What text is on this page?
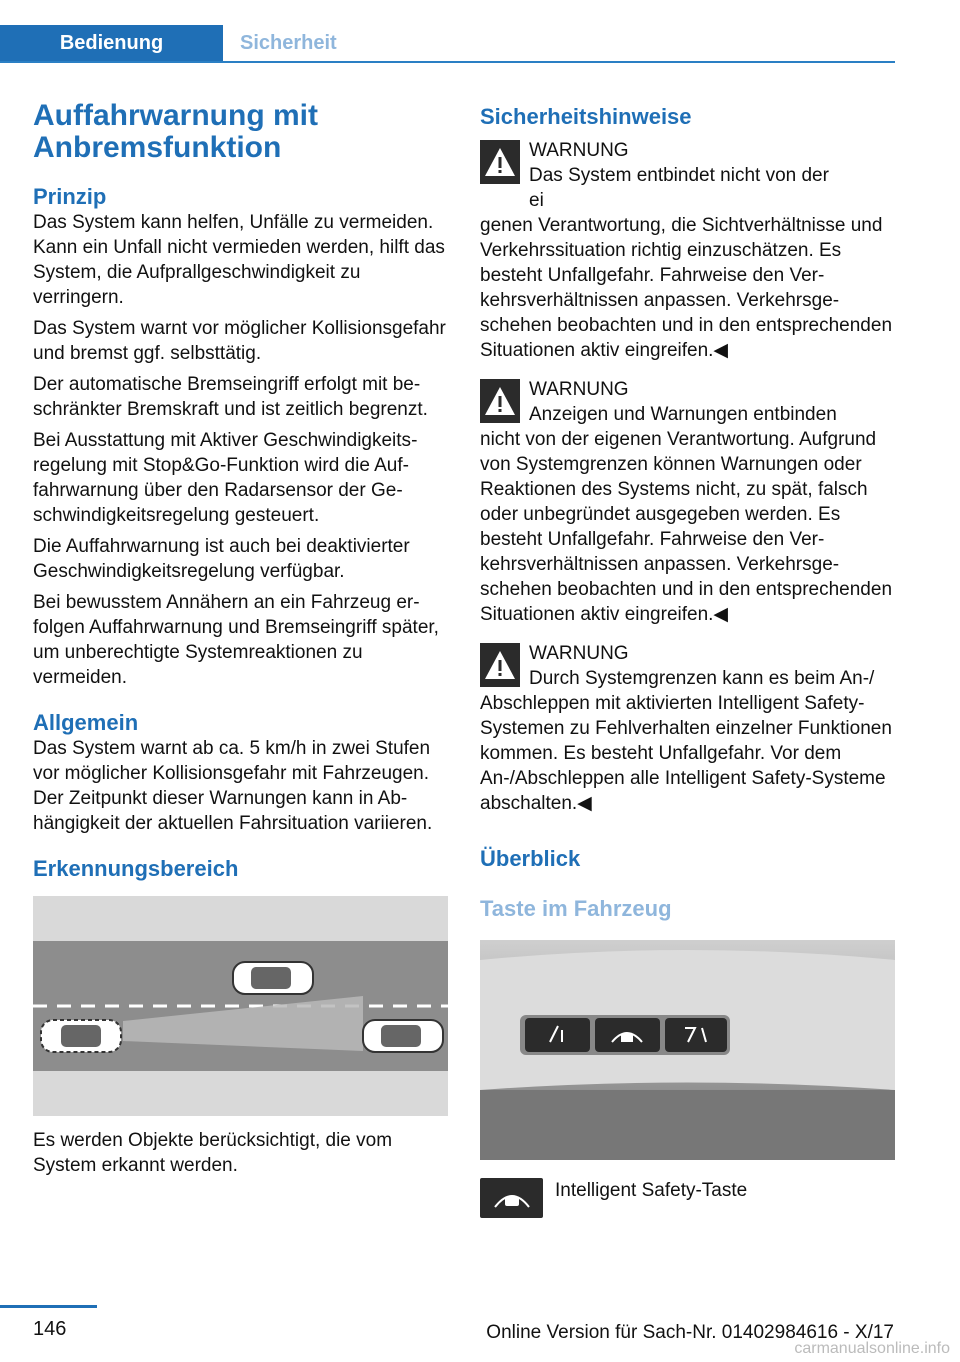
Bedienung	Sicherheit
Auffahrwarnung mit Anbremsfunktion
Prinzip

Das System kann helfen, Unfälle zu vermeiden. Kann ein Unfall nicht vermieden werden, hilft das System, die Aufprallgeschwindigkeit zu verringern.

Das System warnt vor möglicher Kollisionsgefahr und bremst ggf. selbsttätig.

Der automatische Bremseingriff erfolgt mit beschränkter Bremskraft und ist zeitlich begrenzt.

Bei Ausstattung mit Aktiver Geschwindigkeitsregelung mit Stop&Go-Funktion wird die Auffahrwarnung über den Radarsensor der Geschwindigkeitsregelung gesteuert.

Die Auffahrwarnung ist auch bei deaktivierter Geschwindigkeitsregelung verfügbar.

Bei bewusstem Annähern an ein Fahrzeug erfolgen Auffahrwarnung und Bremseingriff später, um unberechtigte Systemreaktionen zu vermeiden.

Allgemein

Das System warnt ab ca. 5 km/h in zwei Stufen vor möglicher Kollisionsgefahr mit Fahrzeugen. Der Zeitpunkt dieser Warnungen kann in Abhängigkeit der aktuellen Fahrsituation variieren.

Erkennungsbereich

Es werden Objekte berücksichtigt, die vom System erkannt werden.

Sicherheitshinweise
WARNUNG
Das System entbindet nicht von der ei
genen Verantwortung, die Sichtverhältnisse und Verkehrssituation richtig einzuschätzen. Es besteht Unfallgefahr. Fahrweise den Verkehrsverhältnissen anpassen. Verkehrsgeschehen beobachten und in den entsprechenden Situationen aktiv eingreifen.◀
WARNUNG
Anzeigen und Warnungen entbinden
nicht von der eigenen Verantwortung. Aufgrund von Systemgrenzen können Warnungen oder Reaktionen des Systems nicht, zu spät, falsch oder unbegründet ausgegeben werden. Es besteht Unfallgefahr. Fahrweise den Verkehrsverhältnissen anpassen. Verkehrsgeschehen beobachten und in den entsprechenden Situationen aktiv eingreifen.◀
WARNUNG
Durch Systemgrenzen kann es beim An-/
Abschleppen mit aktivierten Intelligent Safety-Systemen zu Fehlverhalten einzelner Funktionen kommen. Es besteht Unfallgefahr. Vor dem An-/Abschleppen alle Intelligent Safety-Systeme abschalten.◀
Überblick
Taste im Fahrzeug
Intelligent Safety-Taste
146	Online Version für Sach-Nr. 01402984616 - X/17
carmanualsonline.info
